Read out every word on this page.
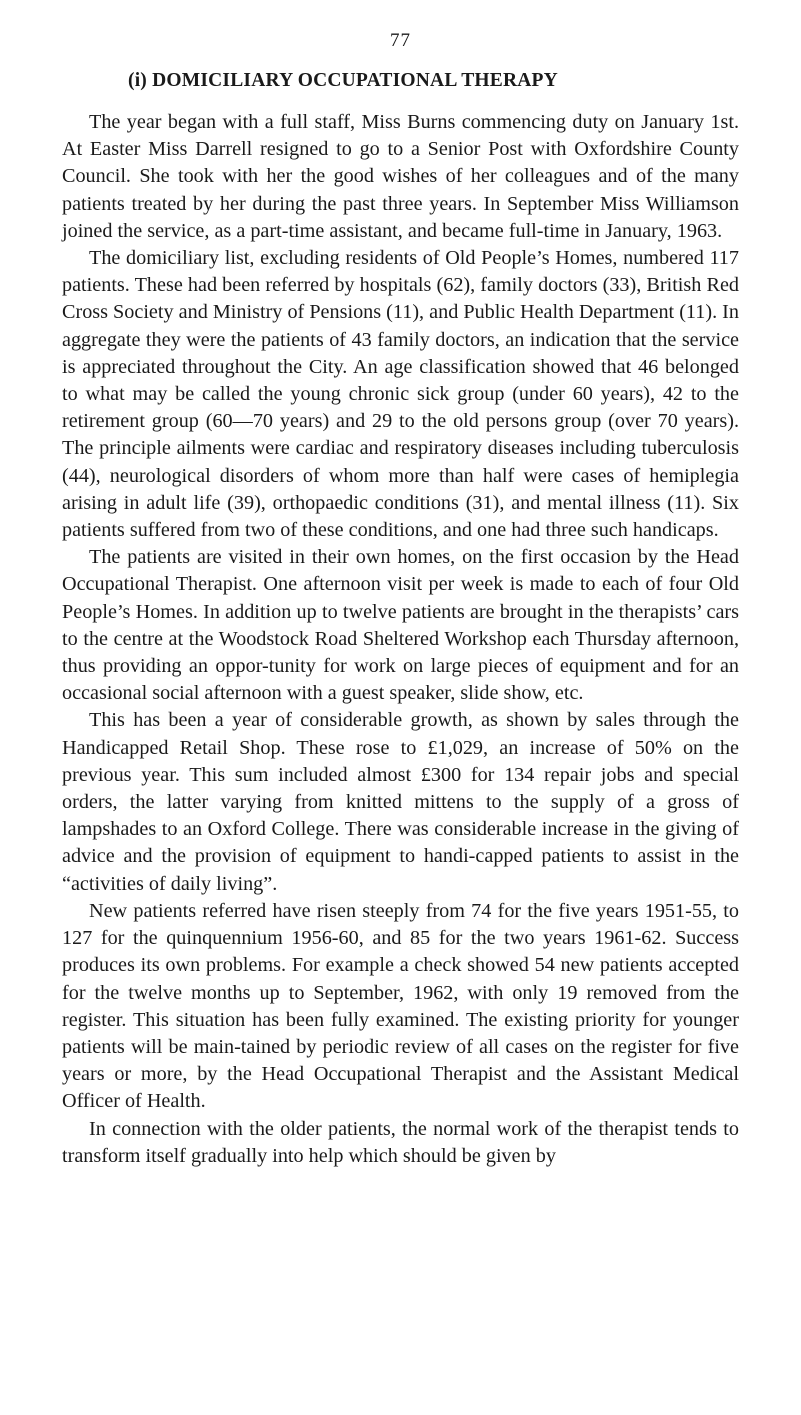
77
(i) DOMICILIARY OCCUPATIONAL THERAPY

The year began with a full staff, Miss Burns commencing duty on January 1st. At Easter Miss Darrell resigned to go to a Senior Post with Oxfordshire County Council. She took with her the good wishes of her colleagues and of the many patients treated by her during the past three years. In September Miss Williamson joined the service, as a part-time assistant, and became full-time in January, 1963.

The domiciliary list, excluding residents of Old People’s Homes, numbered 117 patients. These had been referred by hospitals (62), family doctors (33), British Red Cross Society and Ministry of Pensions (11), and Public Health Department (11). In aggregate they were the patients of 43 family doctors, an indication that the service is appreciated throughout the City. An age classification showed that 46 belonged to what may be called the young chronic sick group (under 60 years), 42 to the retirement group (60—70 years) and 29 to the old persons group (over 70 years). The principle ailments were cardiac and respiratory diseases including tuberculosis (44), neurological disorders of whom more than half were cases of hemiplegia arising in adult life (39), orthopaedic conditions (31), and mental illness (11). Six patients suffered from two of these conditions, and one had three such handicaps.

The patients are visited in their own homes, on the first occasion by the Head Occupational Therapist. One afternoon visit per week is made to each of four Old People’s Homes. In addition up to twelve patients are brought in the therapists’ cars to the centre at the Woodstock Road Sheltered Workshop each Thursday afternoon, thus providing an oppor-tunity for work on large pieces of equipment and for an occasional social afternoon with a guest speaker, slide show, etc.

This has been a year of considerable growth, as shown by sales through the Handicapped Retail Shop. These rose to £1,029, an increase of 50% on the previous year. This sum included almost £300 for 134 repair jobs and special orders, the latter varying from knitted mittens to the supply of a gross of lampshades to an Oxford College. There was considerable increase in the giving of advice and the provision of equipment to handi-capped patients to assist in the “activities of daily living”.

New patients referred have risen steeply from 74 for the five years 1951-55, to 127 for the quinquennium 1956-60, and 85 for the two years 1961-62. Success produces its own problems. For example a check showed 54 new patients accepted for the twelve months up to September, 1962, with only 19 removed from the register. This situation has been fully examined. The existing priority for younger patients will be main-tained by periodic review of all cases on the register for five years or more, by the Head Occupational Therapist and the Assistant Medical Officer of Health.

In connection with the older patients, the normal work of the therapist tends to transform itself gradually into help which should be given by
